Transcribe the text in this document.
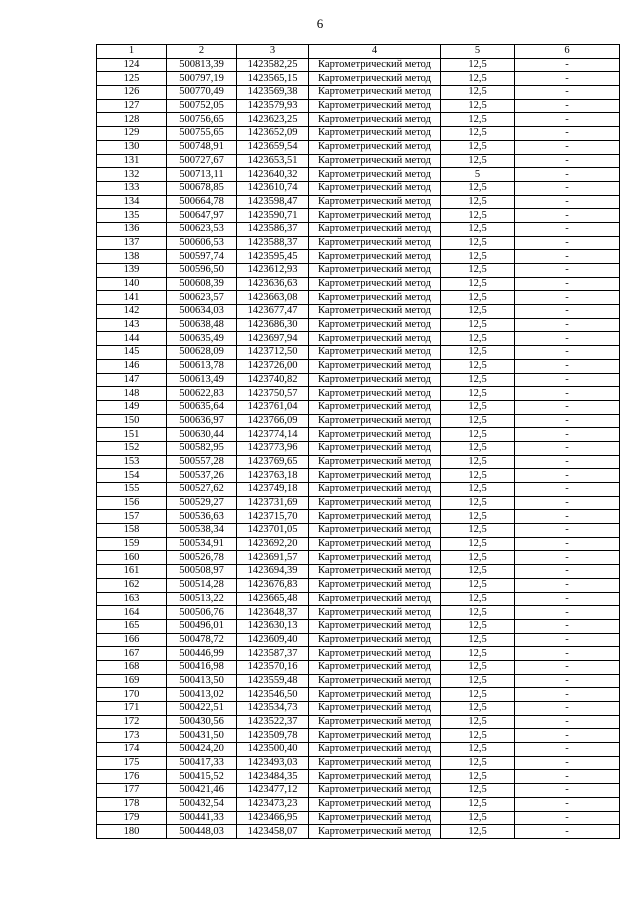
6
1	2	3	4	5	6
124	500813,39	1423582,25	Картометрический метод	12,5	-
125	500797,19	1423565,15	Картометрический метод	12,5	-
126	500770,49	1423569,38	Картометрический метод	12,5	-
127	500752,05	1423579,93	Картометрический метод	12,5	-
128	500756,65	1423623,25	Картометрический метод	12,5	-
129	500755,65	1423652,09	Картометрический метод	12,5	-
130	500748,91	1423659,54	Картометрический метод	12,5	-
131	500727,67	1423653,51	Картометрический метод	12,5	-
132	500713,11	1423640,32	Картометрический метод	5	-
133	500678,85	1423610,74	Картометрический метод	12,5	-
134	500664,78	1423598,47	Картометрический метод	12,5	-
135	500647,97	1423590,71	Картометрический метод	12,5	-
136	500623,53	1423586,37	Картометрический метод	12,5	-
137	500606,53	1423588,37	Картометрический метод	12,5	-
138	500597,74	1423595,45	Картометрический метод	12,5	-
139	500596,50	1423612,93	Картометрический метод	12,5	-
140	500608,39	1423636,63	Картометрический метод	12,5	-
141	500623,57	1423663,08	Картометрический метод	12,5	-
142	500634,03	1423677,47	Картометрический метод	12,5	-
143	500638,48	1423686,30	Картометрический метод	12,5	-
144	500635,49	1423697,94	Картометрический метод	12,5	-
145	500628,09	1423712,50	Картометрический метод	12,5	-
146	500613,78	1423726,00	Картометрический метод	12,5	-
147	500613,49	1423740,82	Картометрический метод	12,5	-
148	500622,83	1423750,57	Картометрический метод	12,5	-
149	500635,64	1423761,04	Картометрический метод	12,5	-
150	500636,97	1423766,09	Картометрический метод	12,5	-
151	500630,44	1423774,14	Картометрический метод	12,5	-
152	500582,95	1423773,96	Картометрический метод	12,5	-
153	500557,28	1423769,65	Картометрический метод	12,5	-
154	500537,26	1423763,18	Картометрический метод	12,5	-
155	500527,62	1423749,18	Картометрический метод	12,5	-
156	500529,27	1423731,69	Картометрический метод	12,5	-
157	500536,63	1423715,70	Картометрический метод	12,5	-
158	500538,34	1423701,05	Картометрический метод	12,5	-
159	500534,91	1423692,20	Картометрический метод	12,5	-
160	500526,78	1423691,57	Картометрический метод	12,5	-
161	500508,97	1423694,39	Картометрический метод	12,5	-
162	500514,28	1423676,83	Картометрический метод	12,5	-
163	500513,22	1423665,48	Картометрический метод	12,5	-
164	500506,76	1423648,37	Картометрический метод	12,5	-
165	500496,01	1423630,13	Картометрический метод	12,5	-
166	500478,72	1423609,40	Картометрический метод	12,5	-
167	500446,99	1423587,37	Картометрический метод	12,5	-
168	500416,98	1423570,16	Картометрический метод	12,5	-
169	500413,50	1423559,48	Картометрический метод	12,5	-
170	500413,02	1423546,50	Картометрический метод	12,5	-
171	500422,51	1423534,73	Картометрический метод	12,5	-
172	500430,56	1423522,37	Картометрический метод	12,5	-
173	500431,50	1423509,78	Картометрический метод	12,5	-
174	500424,20	1423500,40	Картометрический метод	12,5	-
175	500417,33	1423493,03	Картометрический метод	12,5	-
176	500415,52	1423484,35	Картометрический метод	12,5	-
177	500421,46	1423477,12	Картометрический метод	12,5	-
178	500432,54	1423473,23	Картометрический метод	12,5	-
179	500441,33	1423466,95	Картометрический метод	12,5	-
180	500448,03	1423458,07	Картометрический метод	12,5	-
